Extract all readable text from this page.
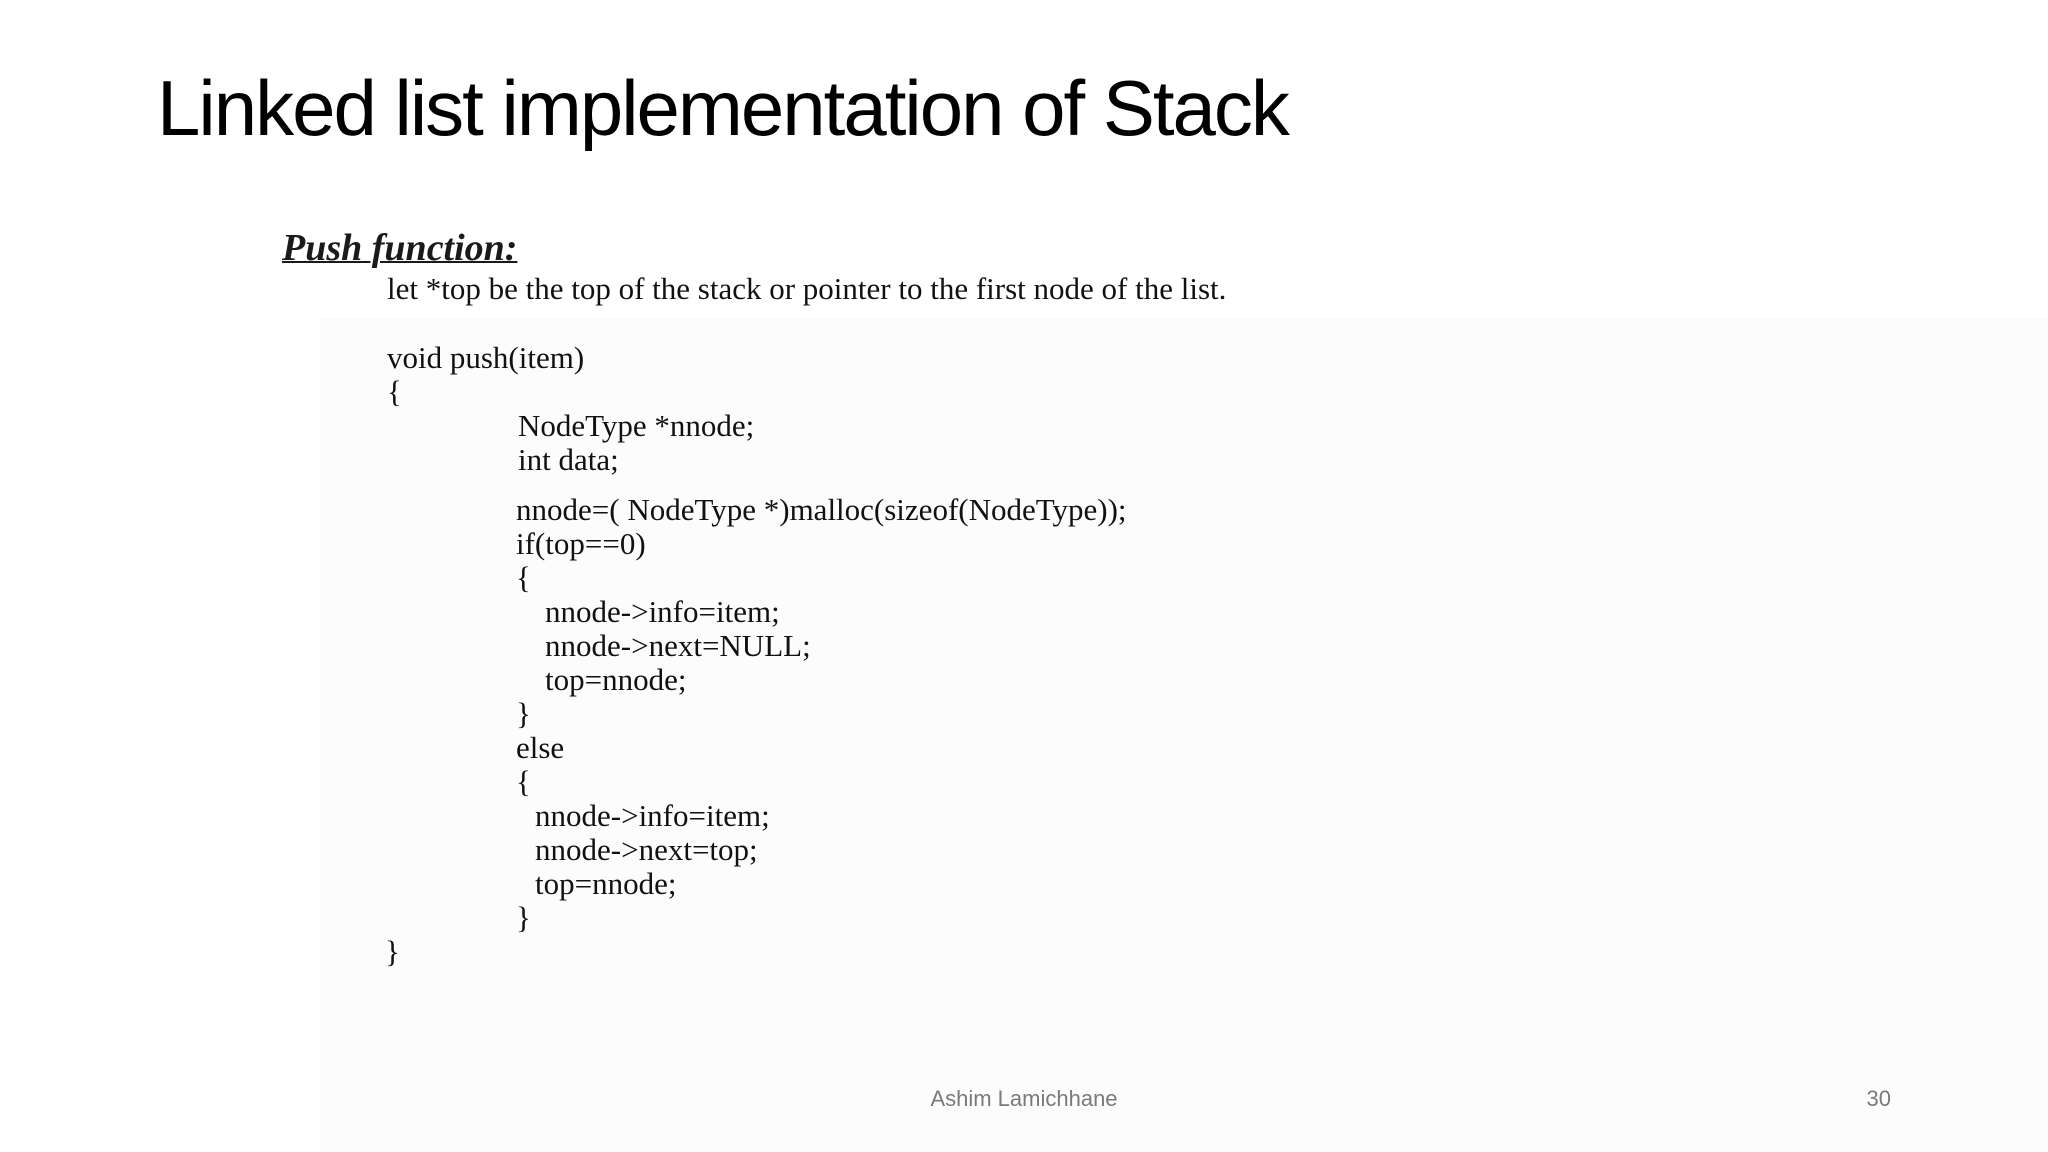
Linked list implementation of Stack
Push function:
let *top be the top of the stack or pointer to the first node of the list.
void push(item)
{
NodeType *nnode;
int data;
nnode=( NodeType *)malloc(sizeof(NodeType));
if(top==0)
{
nnode->info=item;
nnode->next=NULL;
top=nnode;
}
else
{
nnode->info=item;
nnode->next=top;
top=nnode;
}
}
Ashim Lamichhane	30
